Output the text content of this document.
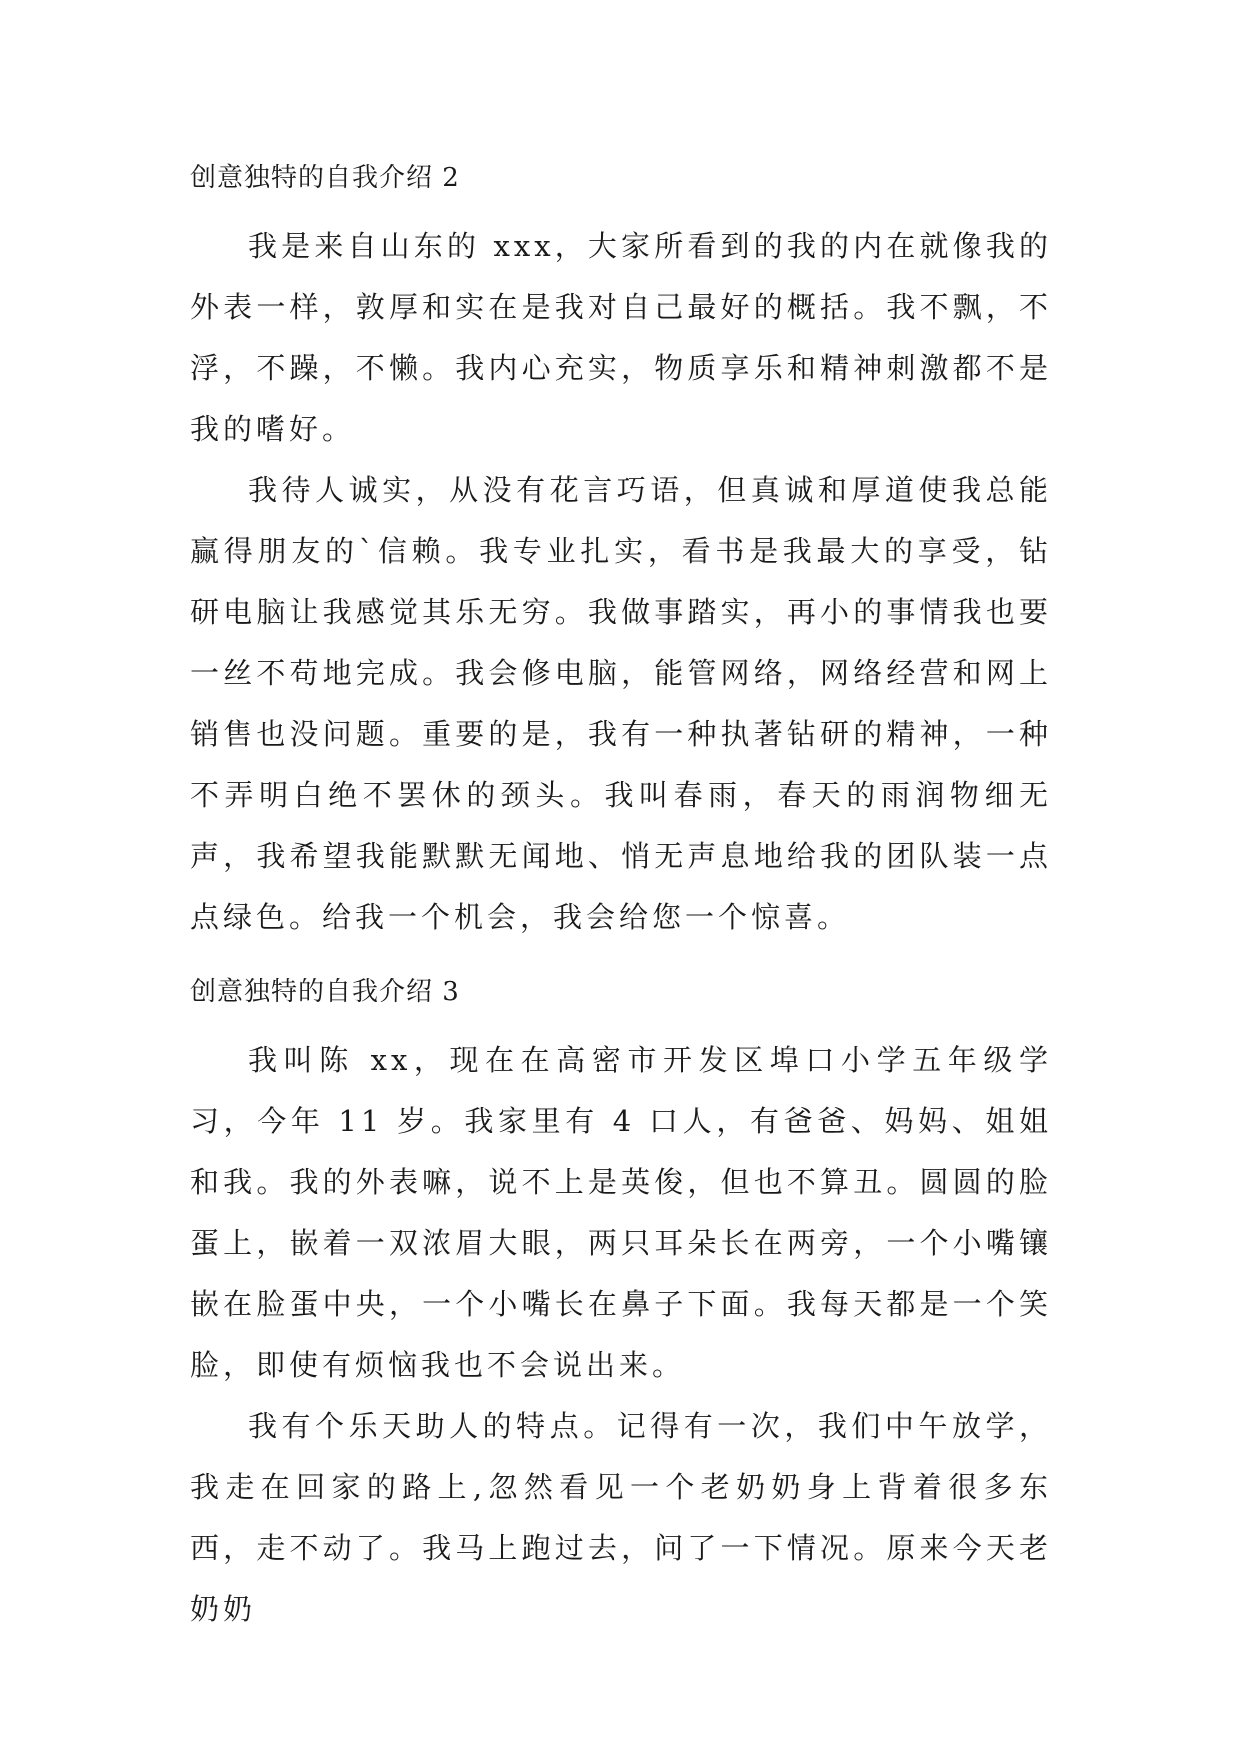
创意独特的自我介绍 2

我是来自山东的 xxx，大家所看到的我的内在就像我的外表一样，敦厚和实在是我对自己最好的概括。我不飘，不浮，不躁，不懒。我内心充实，物质享乐和精神刺激都不是我的嗜好。

我待人诚实，从没有花言巧语，但真诚和厚道使我总能赢得朋友的`信赖。我专业扎实，看书是我最大的享受，钻研电脑让我感觉其乐无穷。我做事踏实，再小的事情我也要一丝不苟地完成。我会修电脑，能管网络，网络经营和网上销售也没问题。重要的是，我有一种执著钻研的精神，一种不弄明白绝不罢休的颈头。我叫春雨，春天的雨润物细无声，我希望我能默默无闻地、悄无声息地给我的团队装一点点绿色。给我一个机会，我会给您一个惊喜。

创意独特的自我介绍 3

我叫陈 xx，现在在高密市开发区埠口小学五年级学习，今年 11 岁。我家里有 4 口人，有爸爸、妈妈、姐姐和我。我的外表嘛，说不上是英俊，但也不算丑。圆圆的脸蛋上，嵌着一双浓眉大眼，两只耳朵长在两旁，一个小嘴镶嵌在脸蛋中央，一个小嘴长在鼻子下面。我每天都是一个笑脸，即使有烦恼我也不会说出来。

我有个乐天助人的特点。记得有一次，我们中午放学，我走在回家的路上,忽然看见一个老奶奶身上背着很多东西，走不动了。我马上跑过去，问了一下情况。原来今天老奶奶
